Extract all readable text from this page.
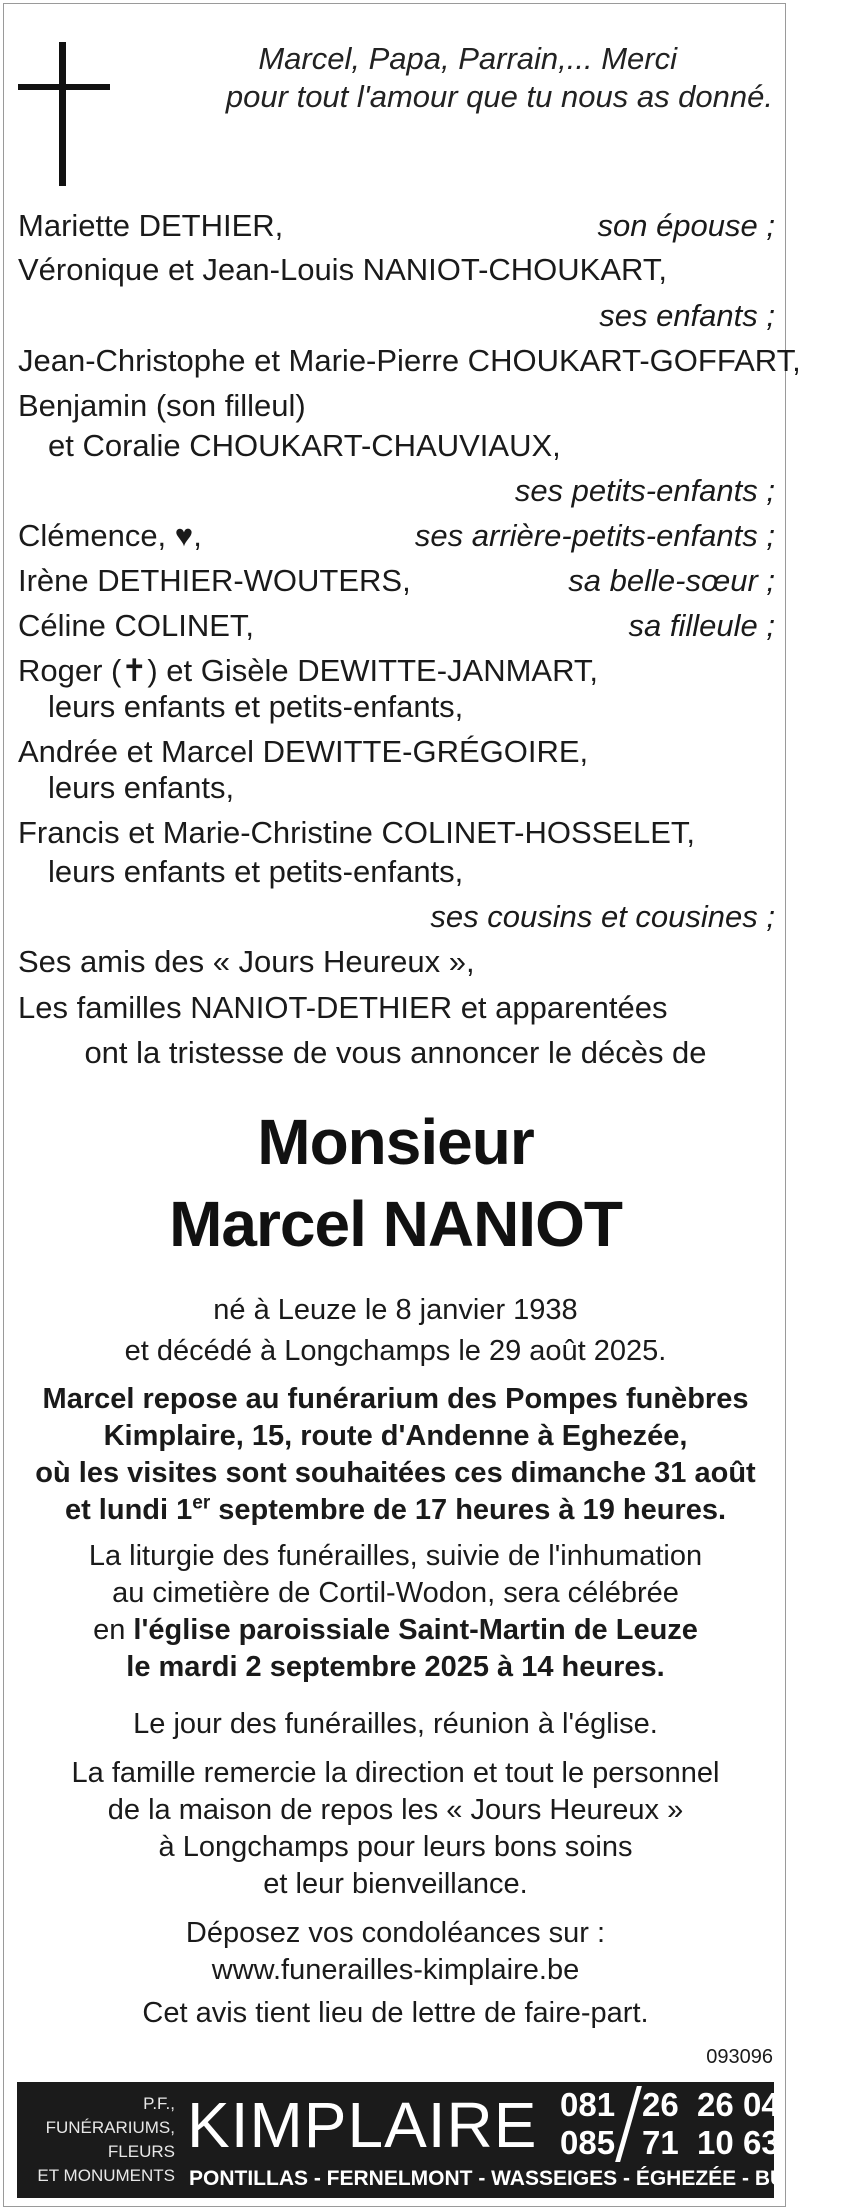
Marcel, Papa, Parrain,... Merci
pour tout l'amour que tu nous as donné.
Mariette DETHIER,	son épouse ;
Véronique et Jean-Louis NANIOT-CHOUKART,
ses enfants ;
Jean-Christophe et Marie-Pierre CHOUKART-GOFFART,
Benjamin (son filleul)
et Coralie CHOUKART-CHAUVIAUX,
ses petits-enfants ;
Clémence, ♥,	ses arrière-petits-enfants ;
Irène DETHIER-WOUTERS,	sa belle-sœur ;
Céline COLINET,	sa filleule ;
Roger (✝) et Gisèle DEWITTE-JANMART,
leurs enfants et petits-enfants,
Andrée et Marcel DEWITTE-GRÉGOIRE,
leurs enfants,
Francis et Marie-Christine COLINET-HOSSELET,
leurs enfants et petits-enfants,
ses cousins et cousines ;
Ses amis des « Jours Heureux »,
Les familles NANIOT-DETHIER et apparentées
ont la tristesse de vous annoncer le décès de
Monsieur
Marcel NANIOT
né à Leuze le 8 janvier 1938
et décédé à Longchamps le 29 août 2025.
Marcel repose au funérarium des Pompes funèbres
Kimplaire, 15, route d'Andenne à Eghezée,
où les visites sont souhaitées ces dimanche 31 août
et lundi 1er septembre de 17 heures à 19 heures.
La liturgie des funérailles, suivie de l'inhumation
au cimetière de Cortil-Wodon, sera célébrée
en l'église paroissiale Saint-Martin de Leuze
le mardi 2 septembre 2025 à 14 heures.
Le jour des funérailles, réunion à l'église.
La famille remercie la direction et tout le personnel
de la maison de repos les « Jours Heureux »
à Longchamps pour leurs bons soins
et leur bienveillance.
Déposez vos condoléances sur :
www.funerailles-kimplaire.be
Cet avis tient lieu de lettre de faire-part.
093096
P.F.,
FUNÉRARIUMS,
FLEURS
ET MONUMENTS
KIMPLAIRE 081 26 26 04
085 71 10 63
PONTILLAS - FERNELMONT - WASSEIGES - ÉGHEZÉE - BURDINNE
